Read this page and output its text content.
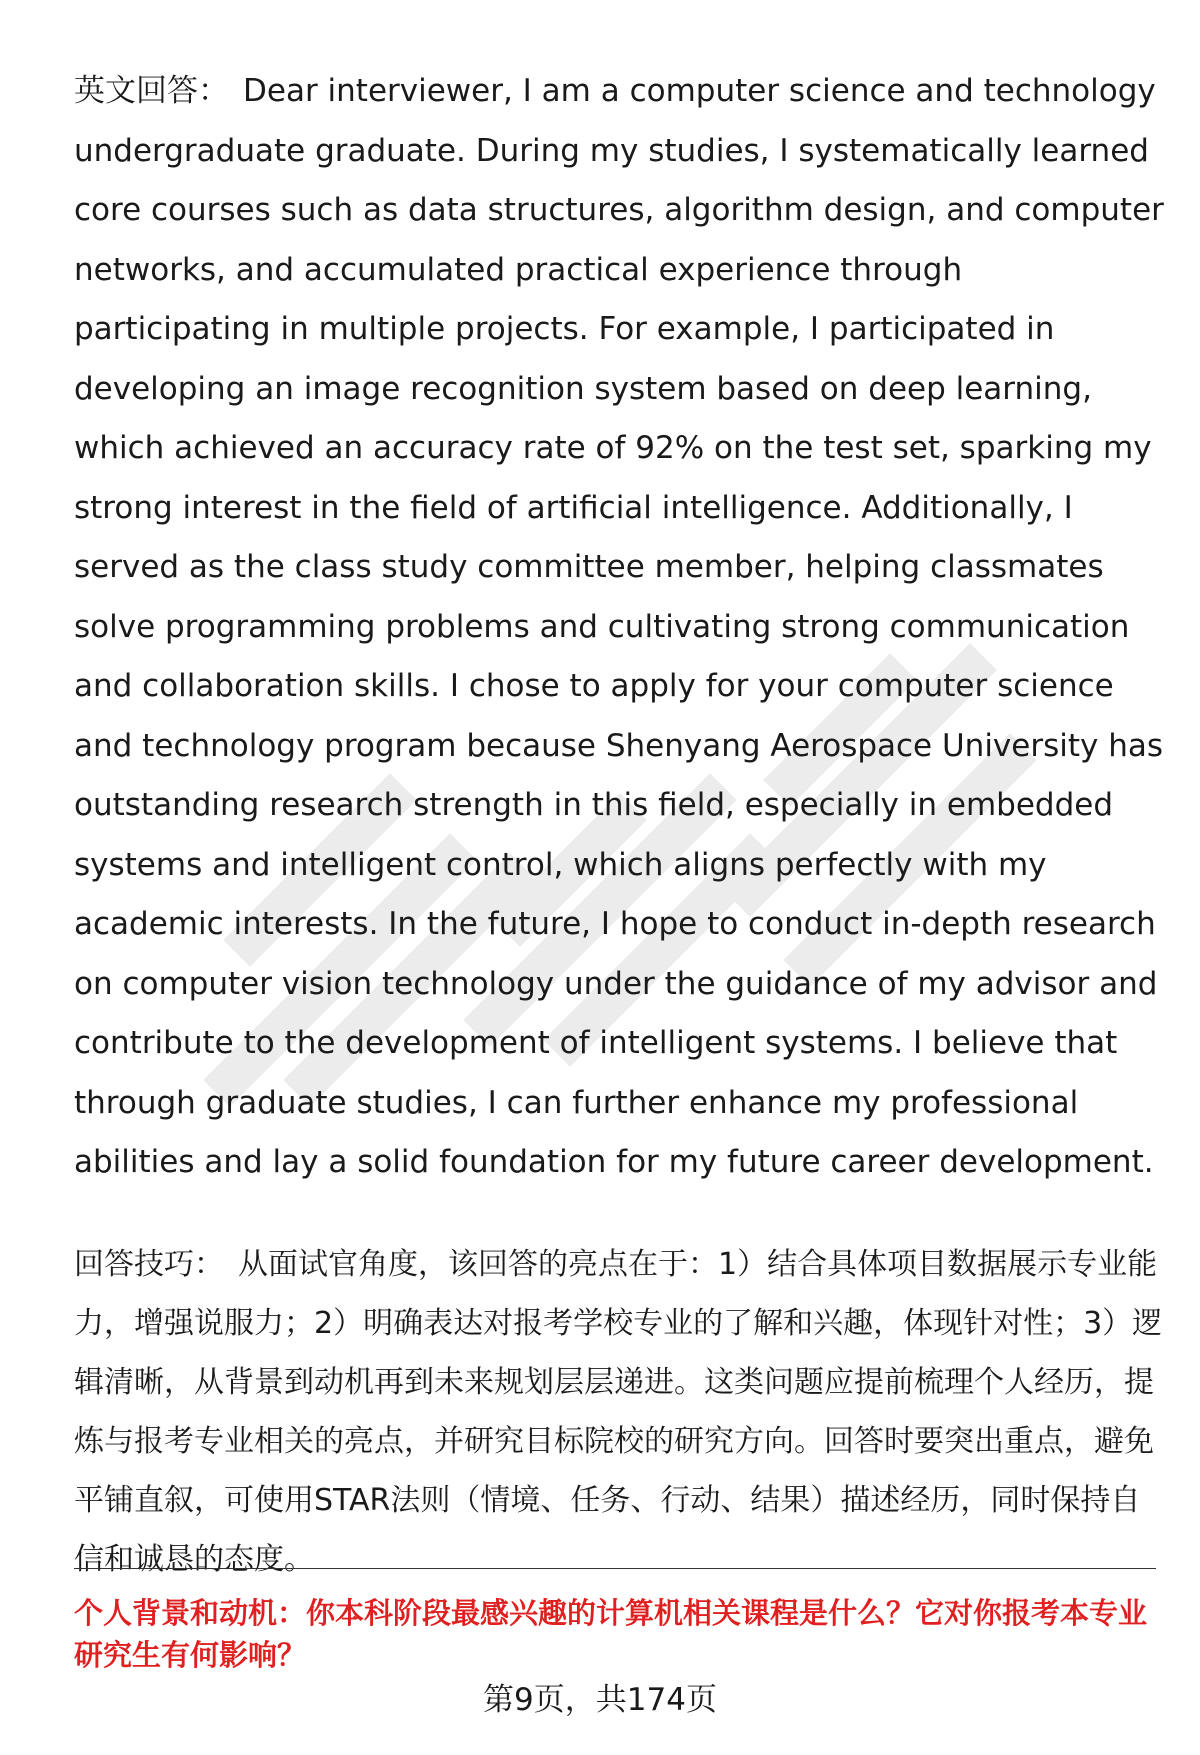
英文回答： Dear interviewer, I am a computer science and technology undergraduate graduate. During my studies, I systematically learned core courses such as data structures, algorithm design, and computer networks, and accumulated practical experience through participating in multiple projects. For example, I participated in developing an image recognition system based on deep learning, which achieved an accuracy rate of 92% on the test set, sparking my strong interest in the field of artificial intelligence. Additionally, I served as the class study committee member, helping classmates solve programming problems and cultivating strong communication and collaboration skills. I chose to apply for your computer science and technology program because Shenyang Aerospace University has outstanding research strength in this field, especially in embedded systems and intelligent control, which aligns perfectly with my academic interests. In the future, I hope to conduct in-depth research on computer vision technology under the guidance of my advisor and contribute to the development of intelligent systems. I believe that through graduate studies, I can further enhance my professional abilities and lay a solid foundation for my future career development.

回答技巧： 从面试官角度，该回答的亮点在于：1）结合具体项目数据展示专业能力，增强说服力；2）明确表达对报考学校专业的了解和兴趣，体现针对性；3）逻辑清晰，从背景到动机再到未来规划层层递进。这类问题应提前梳理个人经历，提炼与报考专业相关的亮点，并研究目标院校的研究方向。回答时要突出重点，避免平铺直叙，可使用STAR法则（情境、任务、行动、结果）描述经历，同时保持自信和诚恳的态度。

个人背景和动机：你本科阶段最感兴趣的计算机相关课程是什么？它对你报考本专业研究生有何影响？
第9页，共174页
